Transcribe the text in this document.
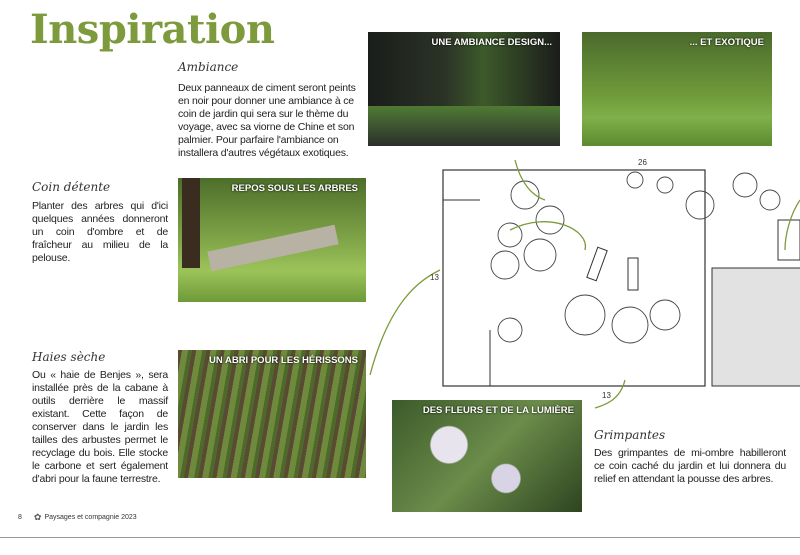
Inspiration
Ambiance
Deux panneaux de ciment seront peints en noir pour donner une ambiance à ce coin de jardin qui sera sur le thème du voyage, avec sa viorne de Chine et son palmier. Pour parfaire l'ambiance on installera d'autres végétaux exotiques.
UNE AMBIANCE DESIGN...	... ET EXOTIQUE
Coin détente
Planter des arbres qui d'ici quelques années donneront un coin d'ombre et de fraîcheur au milieu de la pelouse.
REPOS SOUS LES ARBRES
Haies sèche
Ou « haie de Benjes », sera installée près de la cabane à outils derrière le massif existant. Cette façon de conserver dans le jardin les tailles des arbustes permet le recyclage du bois. Elle stocke le carbone et sert également d'abri pour la faune terrestre.
UN ABRI POUR LES HÉRISSONS
DES FLEURS ET DE LA LUMIÈRE
Grimpantes
Des grimpantes de mi-ombre habilleront ce coin caché du jardin et lui donnera du relief en attendant la pousse des arbres.
26
13
13
8 ✿ Paysages et compagnie 2023
